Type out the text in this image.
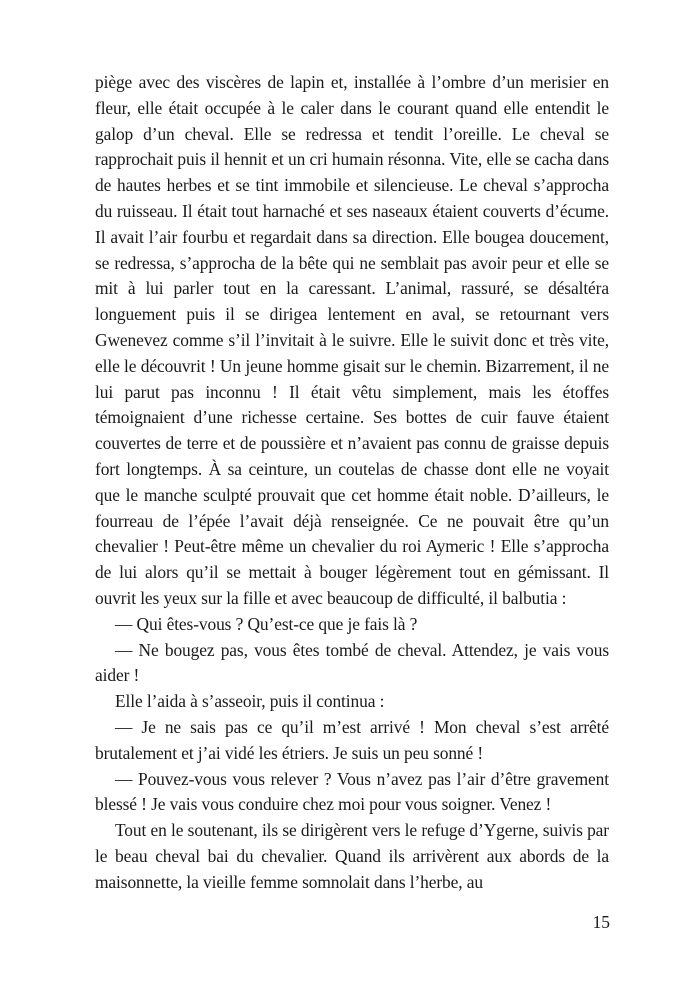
piège avec des viscères de lapin et, installée à l’ombre d’un merisier en fleur, elle était occupée à le caler dans le courant quand elle entendit le galop d’un cheval. Elle se redressa et tendit l’oreille. Le cheval se rapprochait puis il hennit et un cri humain résonna. Vite, elle se cacha dans de hautes herbes et se tint immobile et silencieuse. Le cheval s’approcha du ruisseau. Il était tout harnaché et ses naseaux étaient couverts d’écume. Il avait l’air fourbu et regardait dans sa direction. Elle bougea doucement, se redressa, s’approcha de la bête qui ne semblait pas avoir peur et elle se mit à lui parler tout en la caressant. L’animal, rassuré, se désaltéra longuement puis il se dirigea lentement en aval, se retournant vers Gwenevez comme s’il l’invitait à le suivre. Elle le suivit donc et très vite, elle le découvrit ! Un jeune homme gisait sur le chemin. Bizarrement, il ne lui parut pas inconnu ! Il était vêtu simplement, mais les étoffes témoignaient d’une richesse certaine. Ses bottes de cuir fauve étaient couvertes de terre et de poussière et n’avaient pas connu de graisse depuis fort longtemps. À sa ceinture, un coutelas de chasse dont elle ne voyait que le manche sculpté prouvait que cet homme était noble. D’ailleurs, le fourreau de l’épée l’avait déjà renseignée. Ce ne pouvait être qu’un chevalier ! Peut-être même un chevalier du roi Aymeric ! Elle s’approcha de lui alors qu’il se mettait à bouger légèrement tout en gémissant. Il ouvrit les yeux sur la fille et avec beaucoup de difficulté, il balbutia :

— Qui êtes-vous ? Qu’est-ce que je fais là ?

— Ne bougez pas, vous êtes tombé de cheval. Attendez, je vais vous aider !

Elle l’aida à s’asseoir, puis il continua :

— Je ne sais pas ce qu’il m’est arrivé ! Mon cheval s’est arrêté brutalement et j’ai vidé les étriers. Je suis un peu sonné !

— Pouvez-vous vous relever ? Vous n’avez pas l’air d’être gravement blessé ! Je vais vous conduire chez moi pour vous soigner. Venez !

Tout en le soutenant, ils se dirigèrent vers le refuge d’Ygerne, suivis par le beau cheval bai du chevalier. Quand ils arrivèrent aux abords de la maisonnette, la vieille femme somnolait dans l’herbe, au

15
